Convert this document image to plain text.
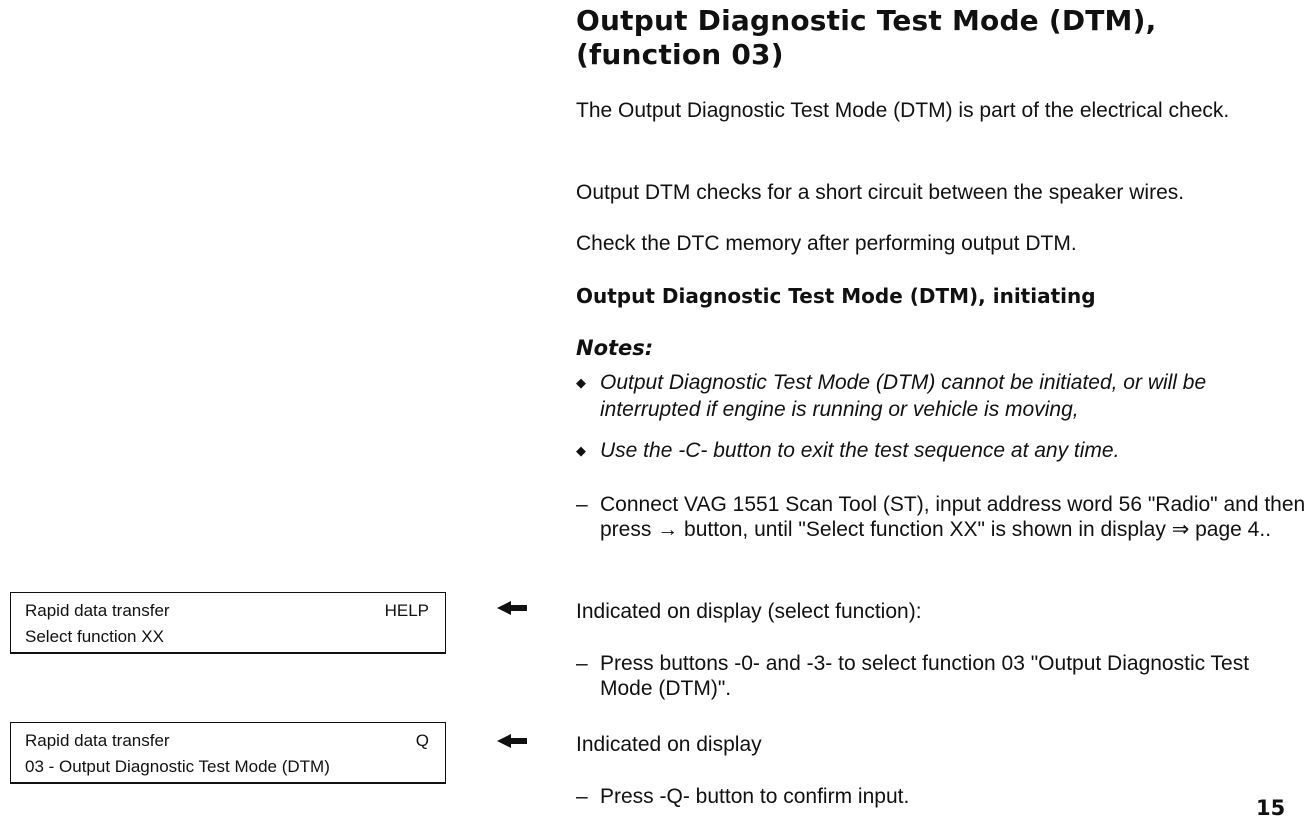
Output Diagnostic Test Mode (DTM),
(function 03)
The Output Diagnostic Test Mode (DTM) is part of the electrical check.
Output DTM checks for a short circuit between the speaker wires.
Check the DTC memory after performing output DTM.
Output Diagnostic Test Mode (DTM), initiating
Notes:
◆ Output Diagnostic Test Mode (DTM) cannot be initiated, or will be interrupted if engine is running or vehicle is moving,
◆ Use the -C- button to exit the test sequence at any time.
– Connect VAG 1551 Scan Tool (ST), input address word 56 "Radio" and then press → button, until "Select function XX" is shown in display ⇒ page 4..
Rapid data transfer	HELP
Select function XX
Indicated on display (select function):
– Press buttons -0- and -3- to select function 03 "Output Diagnostic Test Mode (DTM)".
Rapid data transfer	Q
03 - Output Diagnostic Test Mode (DTM)
Indicated on display
– Press -Q- button to confirm input.	15
